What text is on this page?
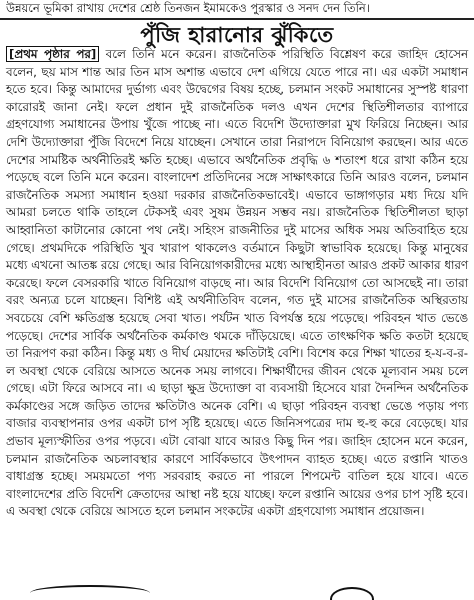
উন্নয়নে ভূমিকা রাখায় দেশের শ্রেষ্ঠ তিনজন ইমামকেও পুরস্কার ও সনদ দেন তিনি।
পুঁজি হারানোর ঝুঁকিতে

[প্রথম পৃষ্ঠার পর] বলে তিনি মনে করেন। রাজনৈতিক পরিস্থিতি বিশ্লেষণ করে জাহিদ হোসেন বলেন, ছয় মাস শান্ত আর তিন মাস অশান্ত এভাবে দেশ এগিয়ে যেতে পারে না। এর একটা সমাধান হতে হবে। কিন্তু আমাদের দুর্ভাগ্য এবং উদ্বেগের বিষয় হচ্ছে, চলমান সংকট সমাধানের সুস্পষ্ট ধারণা কারোরই জানা নেই। ফলে প্রধান দুই রাজনৈতিক দলও এখন দেশের স্থিতিশীলতার ব্যাপারে গ্রহণযোগ্য সমাধানের উপায় খুঁজে পাচ্ছে না। এতে বিদেশি উদ্যোক্তারা মুখ ফিরিয়ে নিচ্ছেন। আর দেশি উদ্যোক্তারা পুঁজি বিদেশে নিয়ে যাচ্ছেন। সেখানে তারা নিরাপদে বিনিয়োগ করছেন। আর এতে দেশের সামষ্টিক অর্থনীতিরই ক্ষতি হচ্ছে। এভাবে অর্থনৈতিক প্রবৃদ্ধি ৬ শতাংশ ধরে রাখা কঠিন হয়ে পড়েছে বলে তিনি মনে করেন। বাংলাদেশ প্রতিদিনের সঙ্গে সাক্ষাৎকারে তিনি আরও বলেন, চলমান রাজনৈতিক সমস্যা সমাধান হওয়া দরকার রাজনৈতিকভাবেই। এভাবে ভাঙ্গাগড়ার মধ্য দিয়ে যদি আমরা চলতে থাকি তাহলে টেকসই এবং সুষম উন্নয়ন সম্ভব নয়। রাজনৈতিক স্থিতিশীলতা ছাড়া আহ্বানিতা কাটানোর কোনো পথ নেই। সহিংস রাজনীতির দুই মাসের অধিক সময় অতিবাহিত হয়ে গেছে। প্রথমদিকে পরিস্থিতি খুব খারাপ থাকলেও বর্তমানে কিছুটা স্বাভাবিক হয়েছে। কিন্তু মানুষের মধ্যে এখনো আতঙ্ক রয়ে গেছে। আর বিনিয়োগকারীদের মধ্যে আস্থাহীনতা আরও প্রকট আকার ধারণ করেছে। ফলে বেসরকারি খাতে বিনিয়োগ বাড়ছে না। আর বিদেশি বিনিয়োগ তো আসছেই না। তারা বরং অন্যত্র চলে যাচ্ছেন। বিশিষ্ট এই অর্থনীতিবিদ বলেন, গত দুই মাসের রাজনৈতিক অস্থিরতায় সবচেয়ে বেশি ক্ষতিগ্রস্ত হয়েছে সেবা খাত। পর্যটন খাত বিপর্যস্ত হয়ে পড়েছে। পরিবহন খাত ভেঙে পড়েছে। দেশের সার্বিক অর্থনৈতিক কর্মকাণ্ড থমকে দাঁড়িয়েছে। এতে তাৎক্ষণিক ক্ষতি কতটা হয়েছে তা নিরূপণ করা কঠিন। কিন্তু মধ্য ও দীর্ঘ মেয়াদের ক্ষতিটাই বেশি। বিশেষ করে শিক্ষা খাতের হ-য-ব-র-ল অবস্থা থেকে বেরিয়ে আসতে অনেক সময় লাগবে। শিক্ষার্থীদের জীবন থেকে মূল্যবান সময় চলে গেছে। এটা ফিরে আসবে না। এ ছাড়া ক্ষুদ্র উদ্যোক্তা বা ব্যবসায়ী হিসেবে যারা দৈনন্দিন অর্থনৈতিক কর্মকাণ্ডের সঙ্গে জড়িত তাদের ক্ষতিটাও অনেক বেশি। এ ছাড়া পরিবহন ব্যবস্থা ভেঙে পড়ায় পণ্য বাজার ব্যবস্থাপনার ওপর একটা চাপ সৃষ্টি হয়েছে। এতে জিনিসপত্রের দাম হু-হু করে বেড়েছে। যার প্রভাব মূল্যস্ফীতির ওপর পড়বে। এটা বোঝা যাবে আরও কিছু দিন পর। জাহিদ হোসেন মনে করেন, চলমান রাজনৈতিক অচলাবস্থার কারণে সার্বিকভাবে উৎপাদন ব্যাহত হচ্ছে। এতে রপ্তানি খাতও বাধাগ্রস্ত হচ্ছে। সময়মতো পণ্য সরবরাহ করতে না পারলে শিপমেন্ট বাতিল হয়ে যাবে। এতে বাংলাদেশের প্রতি বিদেশি ক্রেতাদের আস্থা নষ্ট হয়ে যাচ্ছে। ফলে রপ্তানি আয়ের ওপর চাপ সৃষ্টি হবে। এ অবস্থা থেকে বেরিয়ে আসতে হলে চলমান সংকটের একটা গ্রহণযোগ্য সমাধান প্রয়োজন।
